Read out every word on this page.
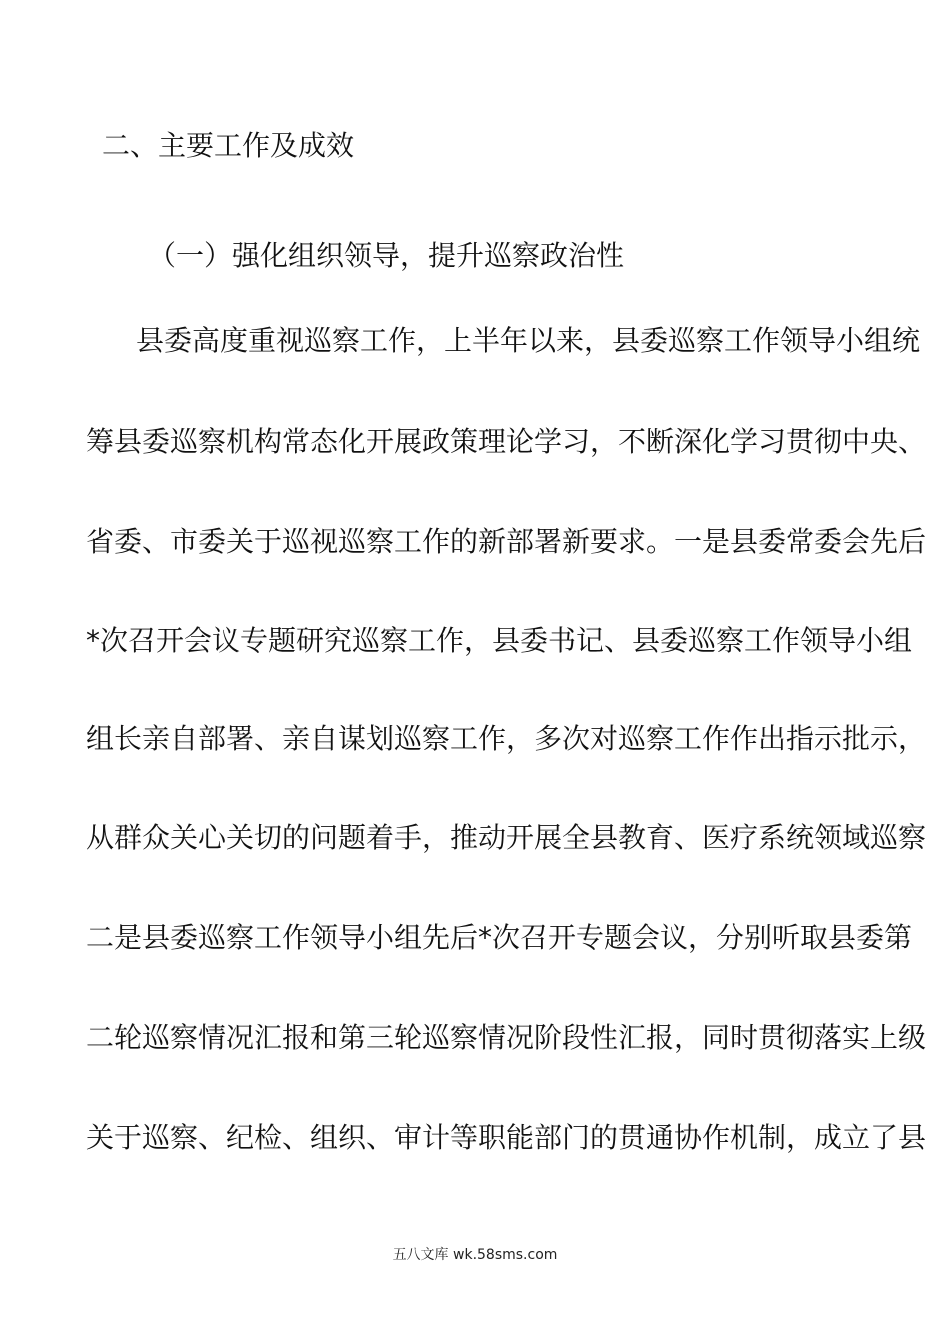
二、主要工作及成效
（一）强化组织领导，提升巡察政治性

县委高度重视巡察工作，上半年以来，县委巡察工作领导小组统

筹县委巡察机构常态化开展政策理论学习，不断深化学习贯彻中央、

省委、市委关于巡视巡察工作的新部署新要求。一是县委常委会先后

*次召开会议专题研究巡察工作，县委书记、县委巡察工作领导小组

组长亲自部署、亲自谋划巡察工作，多次对巡察工作作出指示批示，

从群众关心关切的问题着手，推动开展全县教育、医疗系统领域巡察

二是县委巡察工作领导小组先后*次召开专题会议，分别听取县委第

二轮巡察情况汇报和第三轮巡察情况阶段性汇报，同时贯彻落实上级

关于巡察、纪检、组织、审计等职能部门的贯通协作机制，成立了县

五八文库 wk.58sms.com
